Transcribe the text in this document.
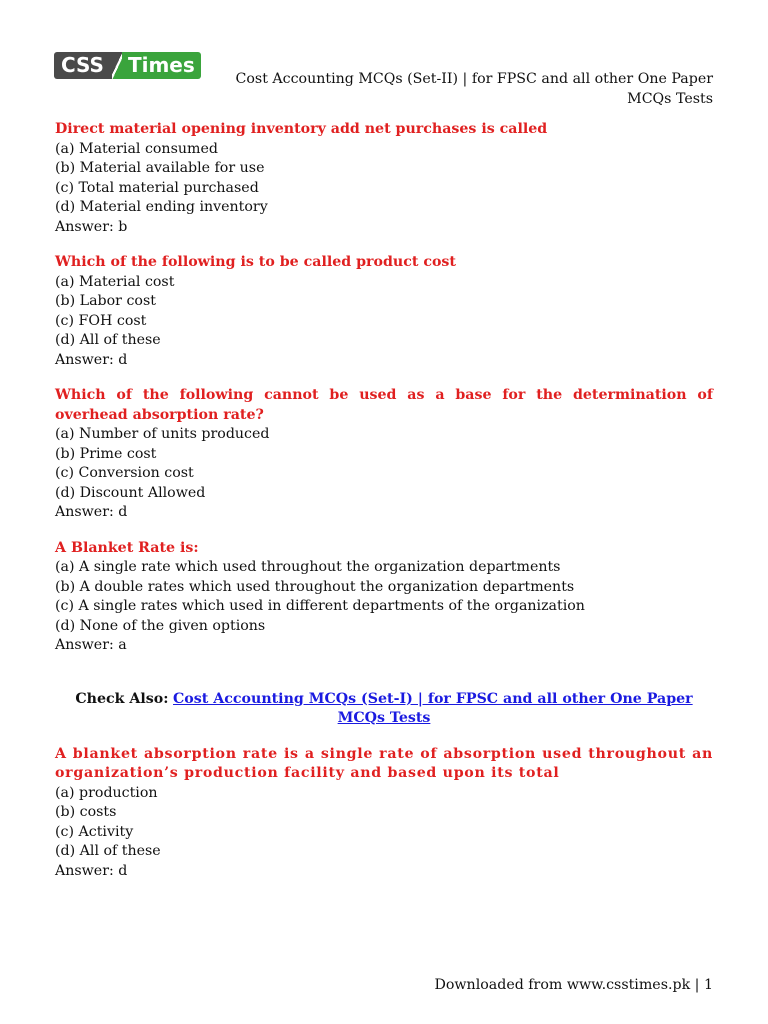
CSS	Times
Cost Accounting MCQs (Set-II) | for FPSC and all other One Paper
MCQs Tests
Direct material opening inventory add net purchases is called
(a) Material consumed
(b) Material available for use
(c) Total material purchased
(d) Material ending inventory
Answer: b
Which of the following is to be called product cost
(a) Material cost
(b) Labor cost
(c) FOH cost
(d) All of these
Answer: d
Which of the following cannot be used as a base for the determination of overhead absorption rate?
(a) Number of units produced
(b) Prime cost
(c) Conversion cost
(d) Discount Allowed
Answer: d
A Blanket Rate is:
(a) A single rate which used throughout the organization departments
(b) A double rates which used throughout the organization departments
(c) A single rates which used in different departments of the organization
(d) None of the given options
Answer: a
Check Also: Cost Accounting MCQs (Set-I) | for FPSC and all other One Paper MCQs Tests
A blanket absorption rate is a single rate of absorption used throughout an organization’s production facility and based upon its total
(a) production
(b) costs
(c) Activity
(d) All of these
Answer: d
Downloaded from www.csstimes.pk | 1
